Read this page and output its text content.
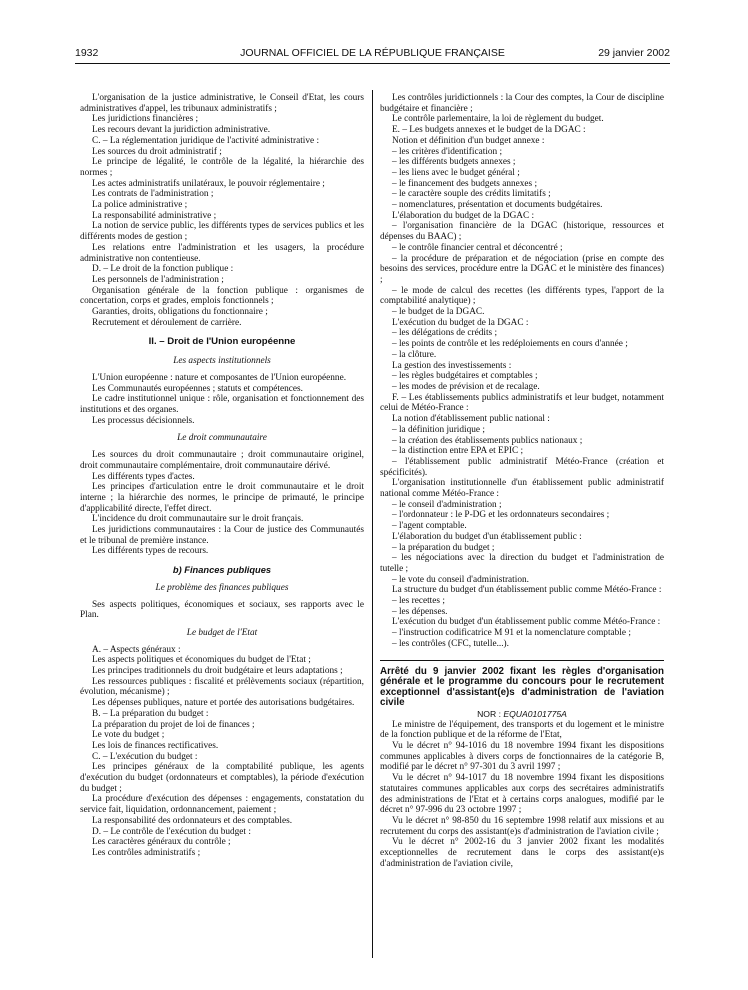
1932	JOURNAL OFFICIEL DE LA RÉPUBLIQUE FRANÇAISE	29 janvier 2002

L'organisation de la justice administrative, le Conseil d'Etat, les cours administratives d'appel, les tribunaux administratifs ;

Les juridictions financières ;

Les recours devant la juridiction administrative.

C. – La réglementation juridique de l'activité administrative :

Les sources du droit administratif ;

Le principe de légalité, le contrôle de la légalité, la hiérarchie des normes ;

Les actes administratifs unilatéraux, le pouvoir réglementaire ;

Les contrats de l'administration ;

La police administrative ;

La responsabilité administrative ;

La notion de service public, les différents types de services publics et les différents modes de gestion ;

Les relations entre l'administration et les usagers, la procédure administrative non contentieuse.

D. – Le droit de la fonction publique :

Les personnels de l'administration ;

Organisation générale de la fonction publique : organismes de concertation, corps et grades, emplois fonctionnels ;

Garanties, droits, obligations du fonctionnaire ;

Recrutement et déroulement de carrière.

II. – Droit de l'Union européenne
Les aspects institutionnels

L'Union européenne : nature et composantes de l'Union européenne.

Les Communautés européennes ; statuts et compétences.

Le cadre institutionnel unique : rôle, organisation et fonctionnement des institutions et des organes.

Les processus décisionnels.

Le droit communautaire

Les sources du droit communautaire ; droit communautaire originel, droit communautaire complémentaire, droit communautaire dérivé.

Les différents types d'actes.

Les principes d'articulation entre le droit communautaire et le droit interne ; la hiérarchie des normes, le principe de primauté, le principe d'applicabilité directe, l'effet direct.

L'incidence du droit communautaire sur le droit français.

Les juridictions communautaires : la Cour de justice des Communautés et le tribunal de première instance.

Les différents types de recours.

b) Finances publiques
Le problème des finances publiques

Ses aspects politiques, économiques et sociaux, ses rapports avec le Plan.

Le budget de l'Etat

A. – Aspects généraux :

Les aspects politiques et économiques du budget de l'Etat ;

Les principes traditionnels du droit budgétaire et leurs adaptations ;

Les ressources publiques : fiscalité et prélèvements sociaux (répartition, évolution, mécanisme) ;

Les dépenses publiques, nature et portée des autorisations budgétaires.

B. – La préparation du budget :

La préparation du projet de loi de finances ;

Le vote du budget ;

Les lois de finances rectificatives.

C. – L'exécution du budget :

Les principes généraux de la comptabilité publique, les agents d'exécution du budget (ordonnateurs et comptables), la période d'exécution du budget ;

La procédure d'exécution des dépenses : engagements, constatation du service fait, liquidation, ordonnancement, paiement ;

La responsabilité des ordonnateurs et des comptables.

D. – Le contrôle de l'exécution du budget :

Les caractères généraux du contrôle ;

Les contrôles administratifs ;

Les contrôles juridictionnels : la Cour des comptes, la Cour de discipline budgétaire et financière ;

Le contrôle parlementaire, la loi de règlement du budget.

E. – Les budgets annexes et le budget de la DGAC :

Notion et définition d'un budget annexe :

– les critères d'identification ;

– les différents budgets annexes ;

– les liens avec le budget général ;

– le financement des budgets annexes ;

– le caractère souple des crédits limitatifs ;

– nomenclatures, présentation et documents budgétaires.

L'élaboration du budget de la DGAC :

– l'organisation financière de la DGAC (historique, ressources et dépenses du BAAC) ;

– le contrôle financier central et déconcentré ;

– la procédure de préparation et de négociation (prise en compte des besoins des services, procédure entre la DGAC et le ministère des finances) ;

– le mode de calcul des recettes (les différents types, l'apport de la comptabilité analytique) ;

– le budget de la DGAC.

L'exécution du budget de la DGAC :

– les délégations de crédits ;

– les points de contrôle et les redéploiements en cours d'année ;

– la clôture.

La gestion des investissements :

– les règles budgétaires et comptables ;

– les modes de prévision et de recalage.

F. – Les établissements publics administratifs et leur budget, notamment celui de Météo-France :

La notion d'établissement public national :

– la définition juridique ;

– la création des établissements publics nationaux ;

– la distinction entre EPA et EPIC ;

– l'établissement public administratif Météo-France (création et spécificités).

L'organisation institutionnelle d'un établissement public administratif national comme Météo-France :

– le conseil d'administration ;

– l'ordonnateur : le P-DG et les ordonnateurs secondaires ;

– l'agent comptable.

L'élaboration du budget d'un établissement public :

– la préparation du budget ;

– les négociations avec la direction du budget et l'administration de tutelle ;

– le vote du conseil d'administration.

La structure du budget d'un établissement public comme Météo-France :

– les recettes ;

– les dépenses.

L'exécution du budget d'un établissement public comme Météo-France :

– l'instruction codificatrice M 91 et la nomenclature comptable ;

– les contrôles (CFC, tutelle...).

Arrêté du 9 janvier 2002 fixant les règles d'organisation générale et le programme du concours pour le recrutement exceptionnel d'assistant(e)s d'administration de l'aviation civile

NOR : EQUA0101775A

Le ministre de l'équipement, des transports et du logement et le ministre de la fonction publique et de la réforme de l'Etat,

Vu le décret n° 94-1016 du 18 novembre 1994 fixant les dispositions communes applicables à divers corps de fonctionnaires de la catégorie B, modifié par le décret n° 97-301 du 3 avril 1997 ;

Vu le décret n° 94-1017 du 18 novembre 1994 fixant les dispositions statutaires communes applicables aux corps des secrétaires administratifs des administrations de l'Etat et à certains corps analogues, modifié par le décret n° 97-996 du 23 octobre 1997 ;

Vu le décret n° 98-850 du 16 septembre 1998 relatif aux missions et au recrutement du corps des assistant(e)s d'administration de l'aviation civile ;

Vu le décret n° 2002-16 du 3 janvier 2002 fixant les modalités exceptionnelles de recrutement dans le corps des assistant(e)s d'administration de l'aviation civile,
